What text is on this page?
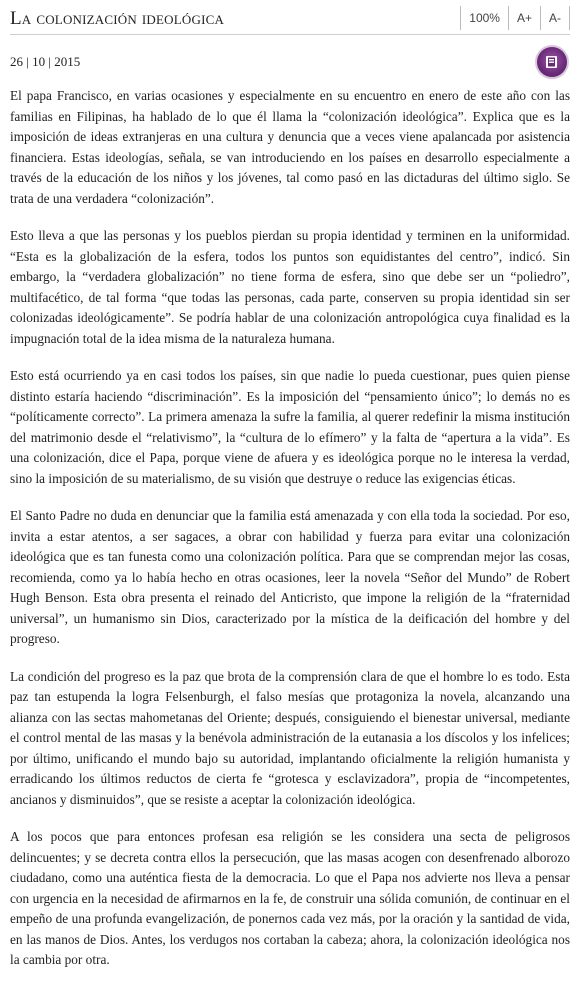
La colonización ideológica	100%	A+	A-
26 | 10 | 2015

El papa Francisco, en varias ocasiones y especialmente en su encuentro en enero de este año con las familias en Filipinas, ha hablado de lo que él llama la “colonización ideológica”. Explica que es la imposición de ideas extranjeras en una cultura y denuncia que a veces viene apalancada por asistencia financiera. Estas ideologías, señala, se van introduciendo en los países en desarrollo especialmente a través de la educación de los niños y los jóvenes, tal como pasó en las dictaduras del último siglo. Se trata de una verdadera “colonización”.

Esto lleva a que las personas y los pueblos pierdan su propia identidad y terminen en la uniformidad. “Esta es la globalización de la esfera, todos los puntos son equidistantes del centro”, indicó. Sin embargo, la “verdadera globalización” no tiene forma de esfera, sino que debe ser un “poliedro”, multifacético, de tal forma “que todas las personas, cada parte, conserven su propia identidad sin ser colonizadas ideológicamente”. Se podría hablar de una colonización antropológica cuya finalidad es la impugnación total de la idea misma de la naturaleza humana.

Esto está ocurriendo ya en casi todos los países, sin que nadie lo pueda cuestionar, pues quien piense distinto estaría haciendo “discriminación”. Es la imposición del “pensamiento único”; lo demás no es “políticamente correcto”. La primera amenaza la sufre la familia, al querer redefinir la misma institución del matrimonio desde el “relativismo”, la “cultura de lo efímero” y la falta de “apertura a la vida”. Es una colonización, dice el Papa, porque viene de afuera y es ideológica porque no le interesa la verdad, sino la imposición de su materialismo, de su visión que destruye o reduce las exigencias éticas.

El Santo Padre no duda en denunciar que la familia está amenazada y con ella toda la sociedad. Por eso, invita a estar atentos, a ser sagaces, a obrar con habilidad y fuerza para evitar una colonización ideológica que es tan funesta como una colonización política. Para que se comprendan mejor las cosas, recomienda, como ya lo había hecho en otras ocasiones, leer la novela “Señor del Mundo” de Robert Hugh Benson. Esta obra presenta el reinado del Anticristo, que impone la religión de la “fraternidad universal”, un humanismo sin Dios, caracterizado por la mística de la deificación del hombre y del progreso.

La condición del progreso es la paz que brota de la comprensión clara de que el hombre lo es todo. Esta paz tan estupenda la logra Felsenburgh, el falso mesías que protagoniza la novela, alcanzando una alianza con las sectas mahometanas del Oriente; después, consiguiendo el bienestar universal, mediante el control mental de las masas y la benévola administración de la eutanasia a los díscolos y los infelices; por último, unificando el mundo bajo su autoridad, implantando oficialmente la religión humanista y erradicando los últimos reductos de cierta fe “grotesca y esclavizadora”, propia de “incompetentes, ancianos y disminuidos”, que se resiste a aceptar la colonización ideológica.

A los pocos que para entonces profesan esa religión se les considera una secta de peligrosos delincuentes; y se decreta contra ellos la persecución, que las masas acogen con desenfrenado alborozo ciudadano, como una auténtica fiesta de la democracia. Lo que el Papa nos advierte nos lleva a pensar con urgencia en la necesidad de afirmarnos en la fe, de construir una sólida comunión, de continuar en el empeño de una profunda evangelización, de ponernos cada vez más, por la oración y la santidad de vida, en las manos de Dios. Antes, los verdugos nos cortaban la cabeza; ahora, la colonización ideológica nos la cambia por otra.
